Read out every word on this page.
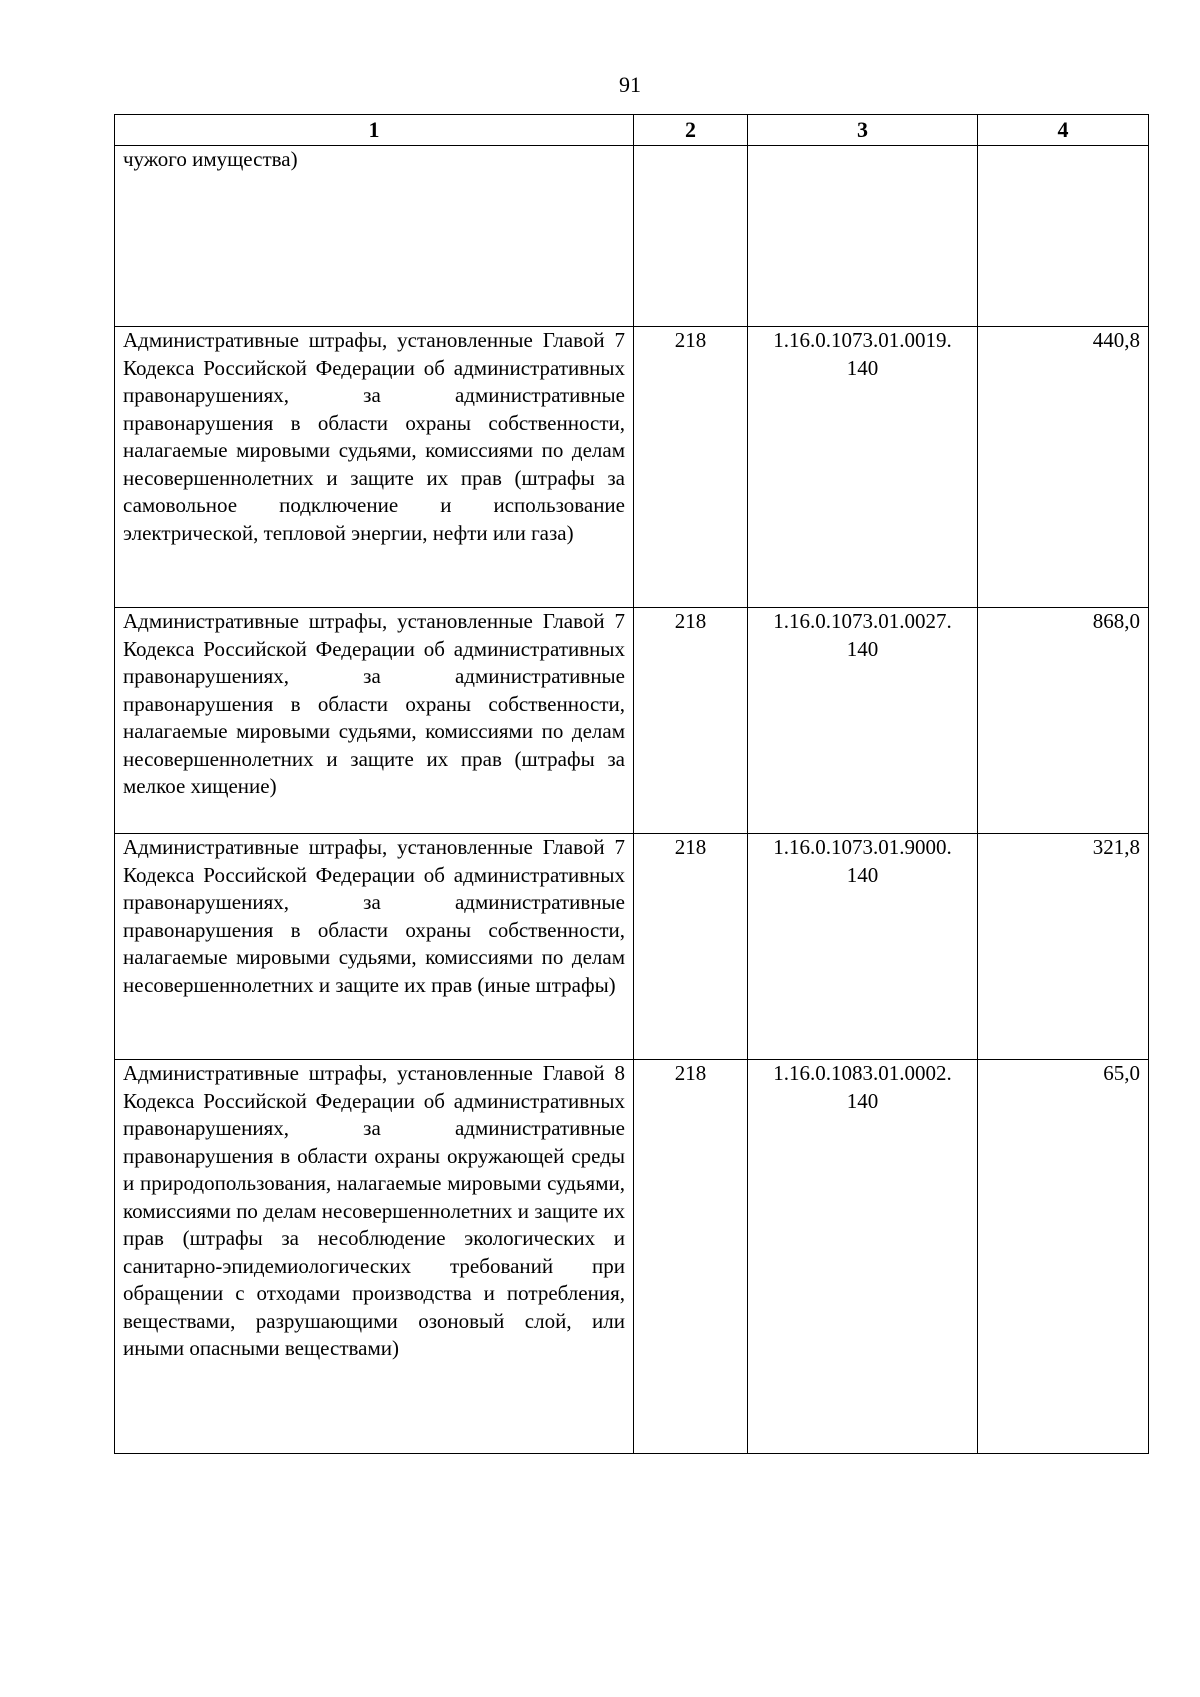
91
1	2	3	4
чужого имущества)			
Административные штрафы, установленные Главой 7 Кодекса Российской Федерации об административных правонарушениях, за административные правонарушения в области охраны собственности, налагаемые мировыми судьями, комиссиями по делам несовершеннолетних и защите их прав (штрафы за самовольное подключение и использование электрической, тепловой энергии, нефти или газа)	218	1.16.0.1073.01.0019. 140	440,8
Административные штрафы, установленные Главой 7 Кодекса Российской Федерации об административных правонарушениях, за административные правонарушения в области охраны собственности, налагаемые мировыми судьями, комиссиями по делам несовершеннолетних и защите их прав (штрафы за мелкое хищение)	218	1.16.0.1073.01.0027. 140	868,0
Административные штрафы, установленные Главой 7 Кодекса Российской Федерации об административных правонарушениях, за административные правонарушения в области охраны собственности, налагаемые мировыми судьями, комиссиями по делам несовершеннолетних и защите их прав (иные штрафы)	218	1.16.0.1073.01.9000. 140	321,8
Административные штрафы, установленные Главой 8 Кодекса Российской Федерации об административных правонарушениях, за административные правонарушения в области охраны окружающей среды и природопользования, налагаемые мировыми судьями, комиссиями по делам несовершеннолетних и защите их прав (штрафы за несоблюдение экологических и санитарно-эпидемиологических требований при обращении с отходами производства и потребления, веществами, разрушающими озоновый слой, или иными опасными веществами)	218	1.16.0.1083.01.0002. 140	65,0
